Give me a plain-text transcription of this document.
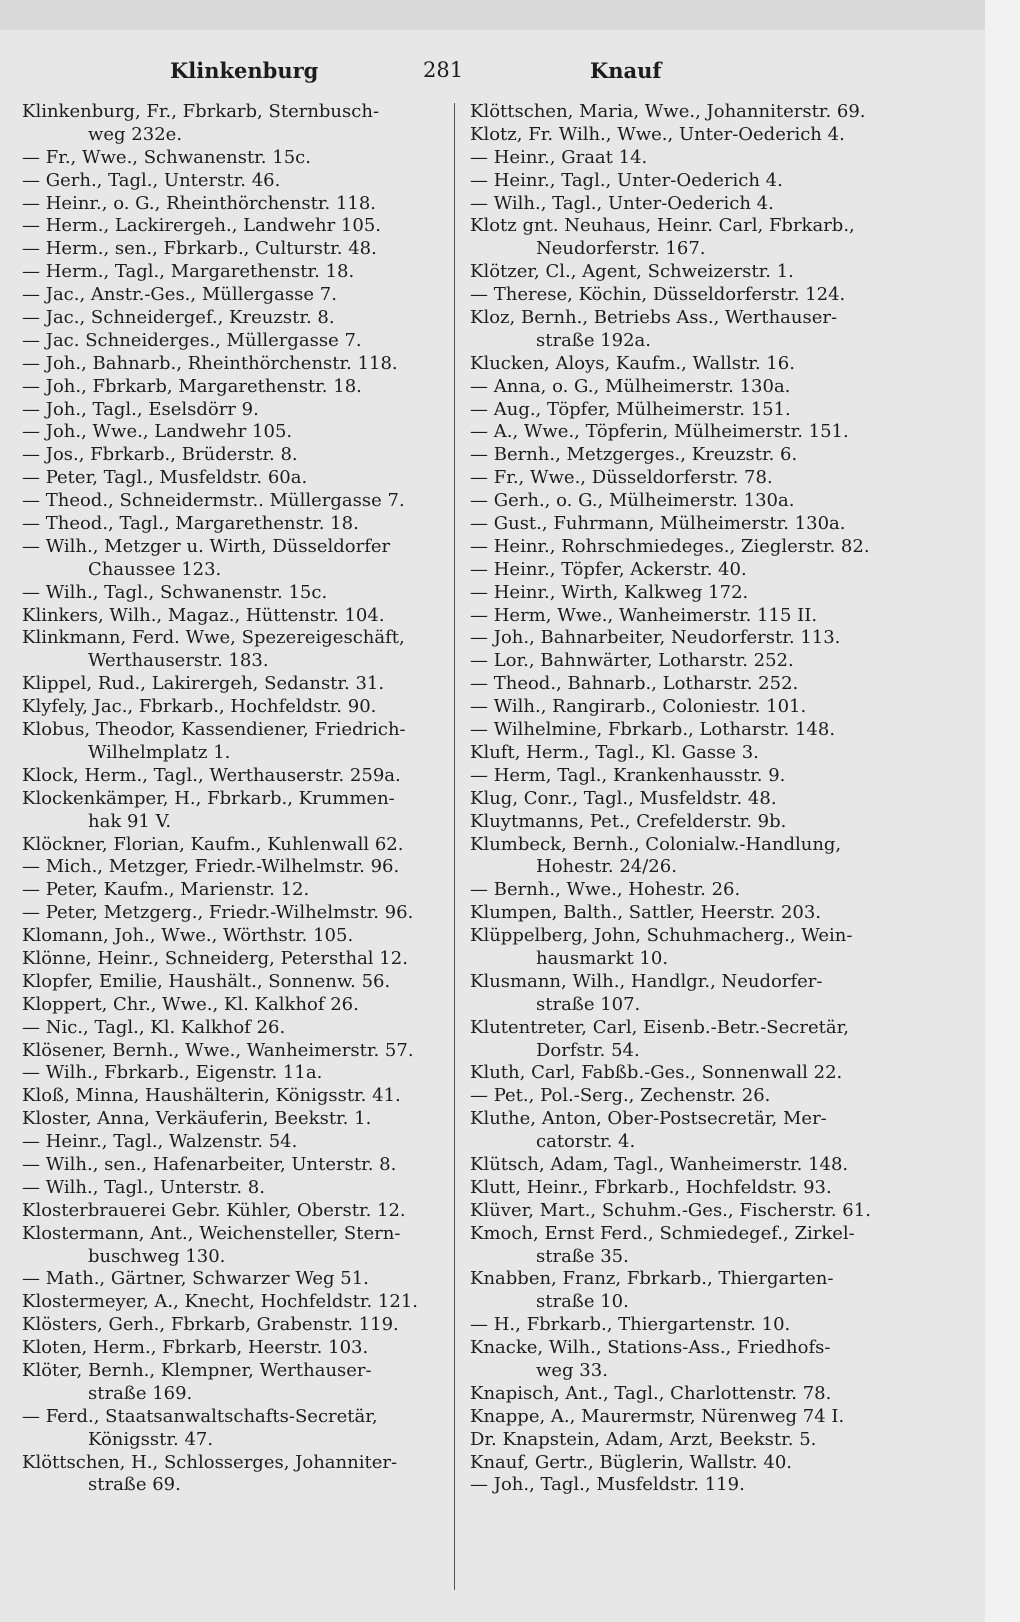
Klinkenburg	281	Knauf
Klinkenburg, Fr., Fbrkarb, Sternbusch-
weg 232e.
— Fr., Wwe., Schwanenstr. 15c.
— Gerh., Tagl., Unterstr. 46.
— Heinr., o. G., Rheinthörchenstr. 118.
— Herm., Lackirergeh., Landwehr 105.
— Herm., sen., Fbrkarb., Culturstr. 48.
— Herm., Tagl., Margarethenstr. 18.
— Jac., Anstr.-Ges., Müllergasse 7.
— Jac., Schneidergef., Kreuzstr. 8.
— Jac. Schneiderges., Müllergasse 7.
— Joh., Bahnarb., Rheinthörchenstr. 118.
— Joh., Fbrkarb, Margarethenstr. 18.
— Joh., Tagl., Eselsdörr 9.
— Joh., Wwe., Landwehr 105.
— Jos., Fbrkarb., Brüderstr. 8.
— Peter, Tagl., Musfeldstr. 60a.
— Theod., Schneidermstr.. Müllergasse 7.
— Theod., Tagl., Margarethenstr. 18.
— Wilh., Metzger u. Wirth, Düsseldorfer
Chaussee 123.
— Wilh., Tagl., Schwanenstr. 15c.
Klinkers, Wilh., Magaz., Hüttenstr. 104.
Klinkmann, Ferd. Wwe, Spezereigeschäft,
Werthauserstr. 183.
Klippel, Rud., Lakirergeh, Sedanstr. 31.
Klyfely, Jac., Fbrkarb., Hochfeldstr. 90.
Klobus, Theodor, Kassendiener, Friedrich-
Wilhelmplatz 1.
Klock, Herm., Tagl., Werthauserstr. 259a.
Klockenkämper, H., Fbrkarb., Krummen-
hak 91 V.
Klöckner, Florian, Kaufm., Kuhlenwall 62.
— Mich., Metzger, Friedr.-Wilhelmstr. 96.
— Peter, Kaufm., Marienstr. 12.
— Peter, Metzgerg., Friedr.-Wilhelmstr. 96.
Klomann, Joh., Wwe., Wörthstr. 105.
Klönne, Heinr., Schneiderg, Petersthal 12.
Klopfer, Emilie, Haushält., Sonnenw. 56.
Kloppert, Chr., Wwe., Kl. Kalkhof 26.
— Nic., Tagl., Kl. Kalkhof 26.
Klösener, Bernh., Wwe., Wanheimerstr. 57.
— Wilh., Fbrkarb., Eigenstr. 11a.
Kloß, Minna, Haushälterin, Königsstr. 41.
Kloster, Anna, Verkäuferin, Beekstr. 1.
— Heinr., Tagl., Walzenstr. 54.
— Wilh., sen., Hafenarbeiter, Unterstr. 8.
— Wilh., Tagl., Unterstr. 8.
Klosterbrauerei Gebr. Kühler, Oberstr. 12.
Klostermann, Ant., Weichensteller, Stern-
buschweg 130.
— Math., Gärtner, Schwarzer Weg 51.
Klostermeyer, A., Knecht, Hochfeldstr. 121.
Klösters, Gerh., Fbrkarb, Grabenstr. 119.
Kloten, Herm., Fbrkarb, Heerstr. 103.
Klöter, Bernh., Klempner, Werthauser-
straße 169.
— Ferd., Staatsanwaltschafts-Secretär,
Königsstr. 47.
Klöttschen, H., Schlosserges, Johanniter-
straße 69.
Klöttschen, Maria, Wwe., Johanniterstr. 69.
Klotz, Fr. Wilh., Wwe., Unter-Oederich 4.
— Heinr., Graat 14.
— Heinr., Tagl., Unter-Oederich 4.
— Wilh., Tagl., Unter-Oederich 4.
Klotz gnt. Neuhaus, Heinr. Carl, Fbrkarb.,
Neudorferstr. 167.
Klötzer, Cl., Agent, Schweizerstr. 1.
— Therese, Köchin, Düsseldorferstr. 124.
Kloz, Bernh., Betriebs Ass., Werthauser-
straße 192a.
Klucken, Aloys, Kaufm., Wallstr. 16.
— Anna, o. G., Mülheimerstr. 130a.
— Aug., Töpfer, Mülheimerstr. 151.
— A., Wwe., Töpferin, Mülheimerstr. 151.
— Bernh., Metzgerges., Kreuzstr. 6.
— Fr., Wwe., Düsseldorferstr. 78.
— Gerh., o. G., Mülheimerstr. 130a.
— Gust., Fuhrmann, Mülheimerstr. 130a.
— Heinr., Rohrschmiedeges., Zieglerstr. 82.
— Heinr., Töpfer, Ackerstr. 40.
— Heinr., Wirth, Kalkweg 172.
— Herm, Wwe., Wanheimerstr. 115 II.
— Joh., Bahnarbeiter, Neudorferstr. 113.
— Lor., Bahnwärter, Lotharstr. 252.
— Theod., Bahnarb., Lotharstr. 252.
— Wilh., Rangirarb., Coloniestr. 101.
— Wilhelmine, Fbrkarb., Lotharstr. 148.
Kluft, Herm., Tagl., Kl. Gasse 3.
— Herm, Tagl., Krankenhausstr. 9.
Klug, Conr., Tagl., Musfeldstr. 48.
Kluytmanns, Pet., Crefelderstr. 9b.
Klumbeck, Bernh., Colonialw.-Handlung,
Hohestr. 24/26.
— Bernh., Wwe., Hohestr. 26.
Klumpen, Balth., Sattler, Heerstr. 203.
Klüppelberg, John, Schuhmacherg., Wein-
hausmarkt 10.
Klusmann, Wilh., Handlgr., Neudorfer-
straße 107.
Klutentreter, Carl, Eisenb.-Betr.-Secretär,
Dorfstr. 54.
Kluth, Carl, Fabßb.-Ges., Sonnenwall 22.
— Pet., Pol.-Serg., Zechenstr. 26.
Kluthe, Anton, Ober-Postsecretär, Mer-
catorstr. 4.
Klütsch, Adam, Tagl., Wanheimerstr. 148.
Klutt, Heinr., Fbrkarb., Hochfeldstr. 93.
Klüver, Mart., Schuhm.-Ges., Fischerstr. 61.
Kmoch, Ernst Ferd., Schmiedegef., Zirkel-
straße 35.
Knabben, Franz, Fbrkarb., Thiergarten-
straße 10.
— H., Fbrkarb., Thiergartenstr. 10.
Knacke, Wilh., Stations-Ass., Friedhofs-
weg 33.
Knapisch, Ant., Tagl., Charlottenstr. 78.
Knappe, A., Maurermstr, Nürenweg 74 I.
Dr. Knapstein, Adam, Arzt, Beekstr. 5.
Knauf, Gertr., Büglerin, Wallstr. 40.
— Joh., Tagl., Musfeldstr. 119.
